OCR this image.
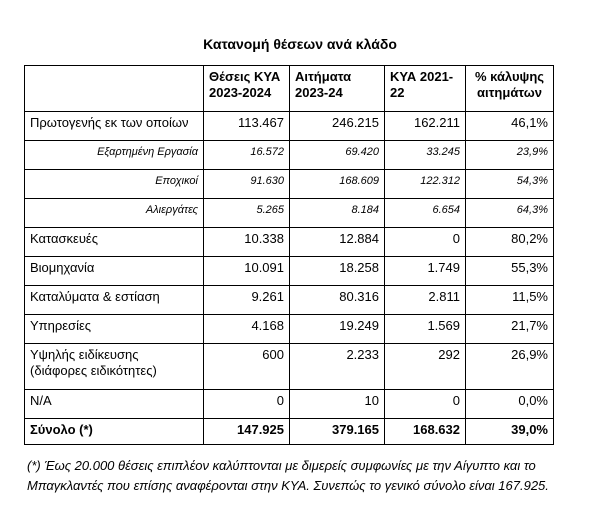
Κατανομή θέσεων ανά κλάδο
	Θέσεις ΚΥΑ 2023-2024	Αιτήματα 2023-24	ΚΥΑ 2021-22	% κάλυψης αιτημάτων
Πρωτογενής εκ των οποίων	113.467	246.215	162.211	46,1%
Εξαρτημένη Εργασία	16.572	69.420	33.245	23,9%
Εποχικοί	91.630	168.609	122.312	54,3%
Αλιεργάτες	5.265	8.184	6.654	64,3%
Κατασκευές	10.338	12.884	0	80,2%
Βιομηχανία	10.091	18.258	1.749	55,3%
Καταλύματα & εστίαση	9.261	80.316	2.811	11,5%
Υπηρεσίες	4.168	19.249	1.569	21,7%
Υψηλής ειδίκευσης (διάφορες ειδικότητες)	600	2.233	292	26,9%
N/A	0	10	0	0,0%
Σύνολο (*)	147.925	379.165	168.632	39,0%
(*) Έως 20.000 θέσεις επιπλέον καλύπτονται με διμερείς συμφωνίες με την Αίγυπτο και το Μπαγκλαντές που επίσης αναφέρονται στην ΚΥΑ. Συνεπώς το γενικό σύνολο είναι 167.925.
